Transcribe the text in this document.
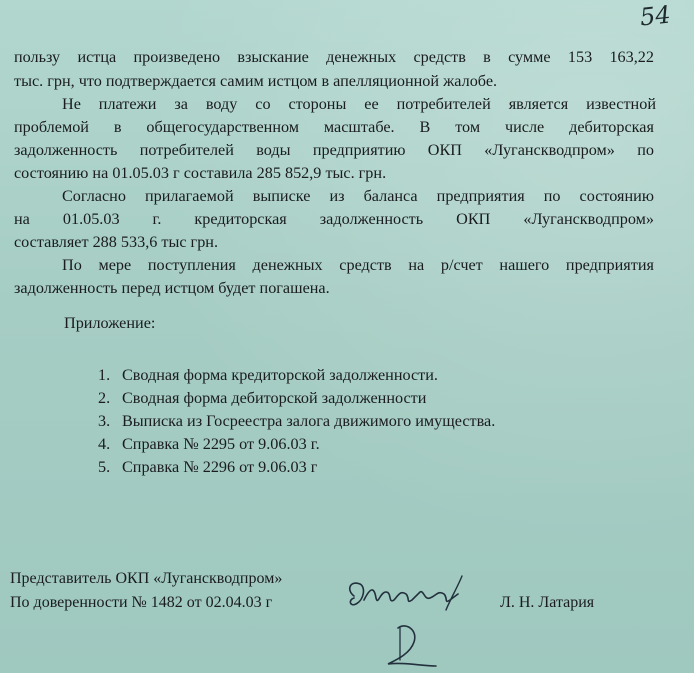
54
пользу истца произведено взыскание денежных средств в сумме 153 163,22
тыс. грн, что подтверждается самим истцом в апелляционной жалобе.
Не платежи за воду со стороны ее потребителей является известной
проблемой в общегосударственном масштабе. В том числе дебиторская
задолженность потребителей воды предприятию ОКП «Луганскводпром» по
состоянию на 01.05.03 г составила 285 852,9 тыс. грн.
Согласно прилагаемой выписке из баланса предприятия по состоянию
на 01.05.03 г. кредиторская задолженность ОКП «Луганскводпром»
составляет 288 533,6 тыс грн.
По мере поступления денежных средств на р/счет нашего предприятия
задолженность перед истцом будет погашена.
Приложение:
1. Сводная форма кредиторской задолженности.
2. Сводная форма дебиторской задолженности
3. Выписка из Госреестра залога движимого имущества.
4. Справка № 2295 от 9.06.03 г.
5. Справка № 2296 от 9.06.03 г
Представитель ОКП «Луганскводпром»
По доверенности № 1482 от 02.04.03 г	Л. Н. Латария
